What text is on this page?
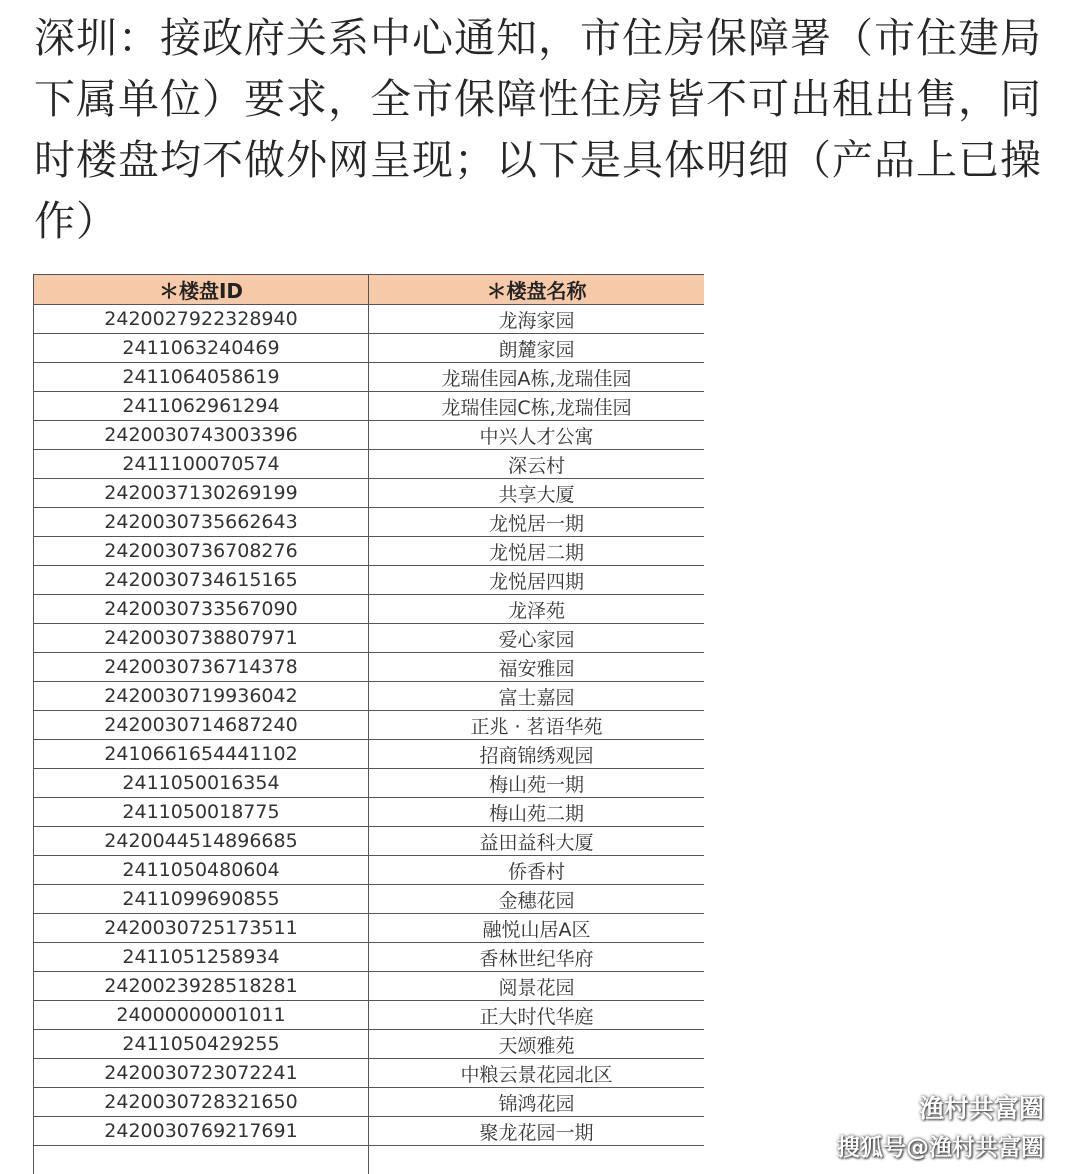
深圳：接政府关系中心通知，市住房保障署（市住建局下属单位）要求，全市保障性住房皆不可出租出售，同时楼盘均不做外网呈现；以下是具体明细（产品上已操作）
＊楼盘ID	＊楼盘名称
2420027922328940	龙海家园
2411063240469	朗麓家园
2411064058619	龙瑞佳园A栋,龙瑞佳园
2411062961294	龙瑞佳园C栋,龙瑞佳园
2420030743003396	中兴人才公寓
2411100070574	深云村
2420037130269199	共享大厦
2420030735662643	龙悦居一期
2420030736708276	龙悦居二期
2420030734615165	龙悦居四期
2420030733567090	龙泽苑
2420030738807971	爱心家园
2420030736714378	福安雅园
2420030719936042	富士嘉园
2420030714687240	正兆 · 茗语华苑
2410661654441102	招商锦绣观园
2411050016354	梅山苑一期
2411050018775	梅山苑二期
2420044514896685	益田益科大厦
2411050480604	侨香村
2411099690855	金穗花园
2420030725173511	融悦山居A区
2411051258934	香林世纪华府
2420023928518281	阅景花园
24000000001011	正大时代华庭
2411050429255	天颂雅苑
2420030723072241	中粮云景花园北区
2420030728321650	锦鸿花园
2420030769217691	聚龙花园一期

渔村共富圈
搜狐号@渔村共富圈
